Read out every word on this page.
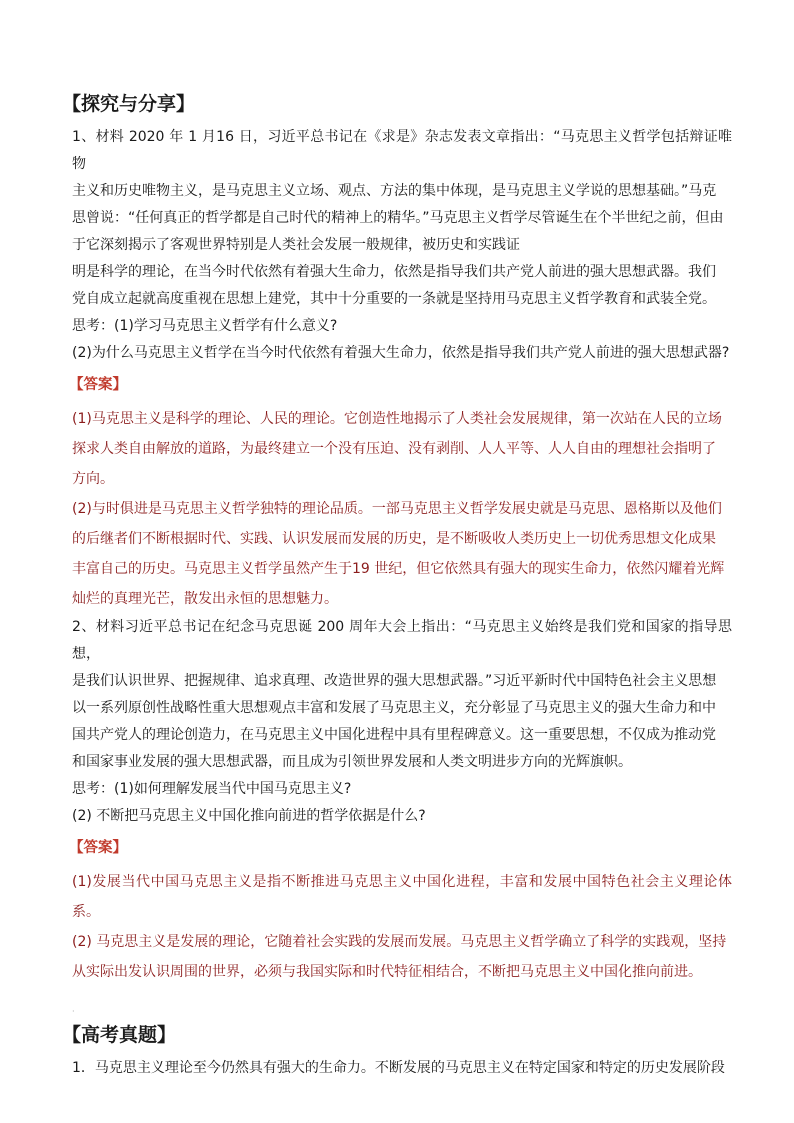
【探究与分享】

1、材料 2020 年 1 月16 日，习近平总书记在《求是》杂志发表文章指出：“马克思主义哲学包括辩证唯物

主义和历史唯物主义，是马克思主义立场、观点、方法的集中体现，是马克思主义学说的思想基础。”马克

思曾说：“任何真正的哲学都是自己时代的精神上的精华。”马克思主义哲学尽管诞生在个半世纪之前，但由

于它深刻揭示了客观世界特别是人类社会发展一般规律，被历史和实践证

明是科学的理论，在当今时代依然有着强大生命力，依然是指导我们共产党人前进的强大思想武器。我们

党自成立起就高度重视在思想上建党，其中十分重要的一条就是坚持用马克思主义哲学教育和武装全党。

思考：(1)学习马克思主义哲学有什么意义?

(2)为什么马克思主义哲学在当今时代依然有着强大生命力，依然是指导我们共产党人前进的强大思想武器?

【答案】

(1)马克思主义是科学的理论、人民的理论。它创造性地揭示了人类社会发展规律，第一次站在人民的立场

探求人类自由解放的道路，为最终建立一个没有压迫、没有剥削、人人平等、人人自由的理想社会指明了

方向。

(2)与时俱进是马克思主义哲学独特的理论品质。一部马克思主义哲学发展史就是马克思、恩格斯以及他们

的后继者们不断根据时代、实践、认识发展而发展的历史，是不断吸收人类历史上一切优秀思想文化成果

丰富自己的历史。马克思主义哲学虽然产生于19 世纪，但它依然具有强大的现实生命力，依然闪耀着光辉

灿烂的真理光芒，散发出永恒的思想魅力。

2、材料习近平总书记在纪念马克思诞 200 周年大会上指出：“马克思主义始终是我们党和国家的指导思想，

是我们认识世界、把握规律、追求真理、改造世界的强大思想武器。”习近平新时代中国特色社会主义思想

以一系列原创性战略性重大思想观点丰富和发展了马克思主义，充分彰显了马克思主义的强大生命力和中

国共产党人的理论创造力，在马克思主义中国化进程中具有里程碑意义。这一重要思想，不仅成为推动党

和国家事业发展的强大思想武器，而且成为引领世界发展和人类文明进步方向的光辉旗帜。

思考：(1)如何理解发展当代中国马克思主义?

(2) 不断把马克思主义中国化推向前进的哲学依据是什么?

【答案】

(1)发展当代中国马克思主义是指不断推进马克思主义中国化进程，丰富和发展中国特色社会主义理论体系。

(2) 马克思主义是发展的理论，它随着社会实践的发展而发展。马克思主义哲学确立了科学的实践观，坚持

从实际出发认识周围的世界，必须与我国实际和时代特征相结合，不断把马克思主义中国化推向前进。

·
【高考真题】

1．马克思主义理论至今仍然具有强大的生命力。不断发展的马克思主义在特定国家和特定的历史发展阶段
